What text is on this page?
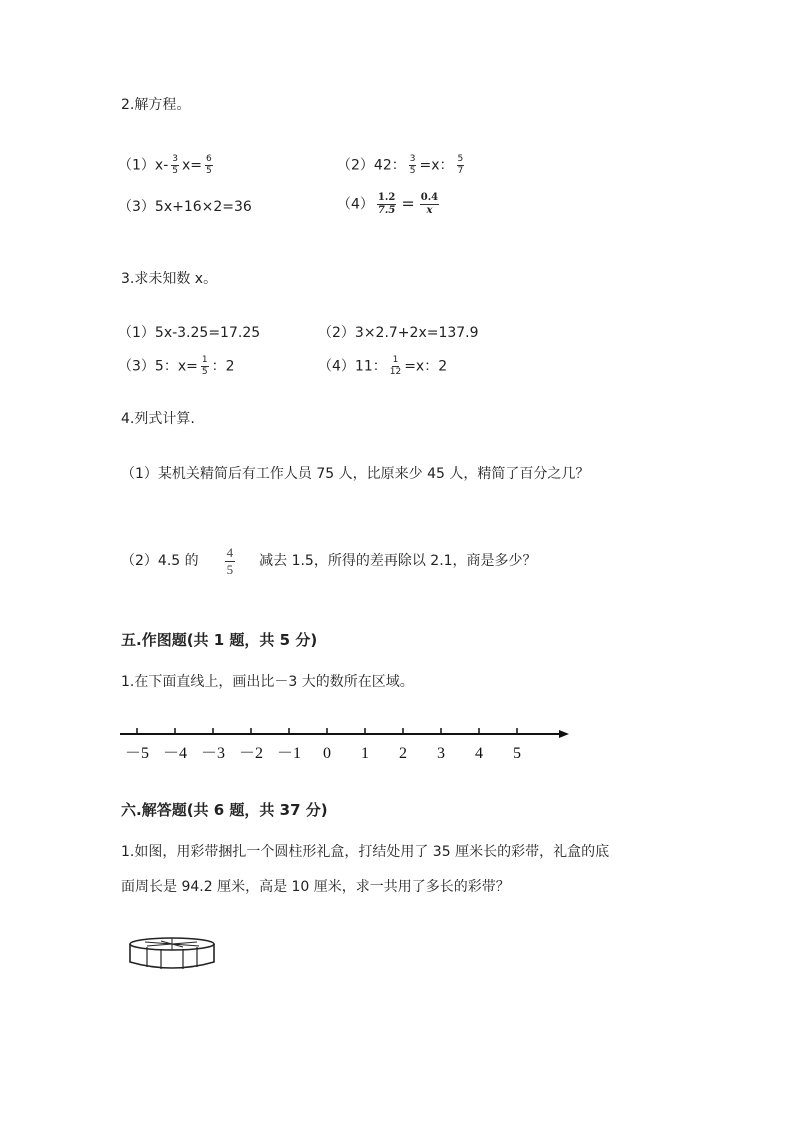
2.解方程。
$(1)x- \frac{3}{5} x= \frac{6}{5}$	（2）42： $\frac{3}{5} =x$： $\frac{5}{7}$
（3）5x+16×2=36	$(4) \frac{1.2}{7.5} = \frac{0.4}{x}$
3.求未知数 x。
（1）5x-3.25=17.25	（2）3×2.7+2x=137.9
（3）5：$x= \frac{1}{5}$ ：2	（4）11： $\frac{1}{12} =x$：2
4.列式计算.
（1）某机关精简后有工作人员 75 人，比原来少 45 人，精简了百分之几？
（2）4.5 的 $\frac{4}{5}$ 减去 1.5，所得的差再除以 2.1，商是多少？
五.作图题(共 1 题，共 5 分)
1.在下面直线上，画出比－3 大的数所在区域。
－5 －4 －3 －2 －1 0 1 2 3 4 5
六.解答题(共 6 题，共 37 分)
1.如图，用彩带捆扎一个圆柱形礼盒，打结处用了 35 厘米长的彩带，礼盒的底
面周长是 94.2 厘米，高是 10 厘米，求一共用了多长的彩带？
